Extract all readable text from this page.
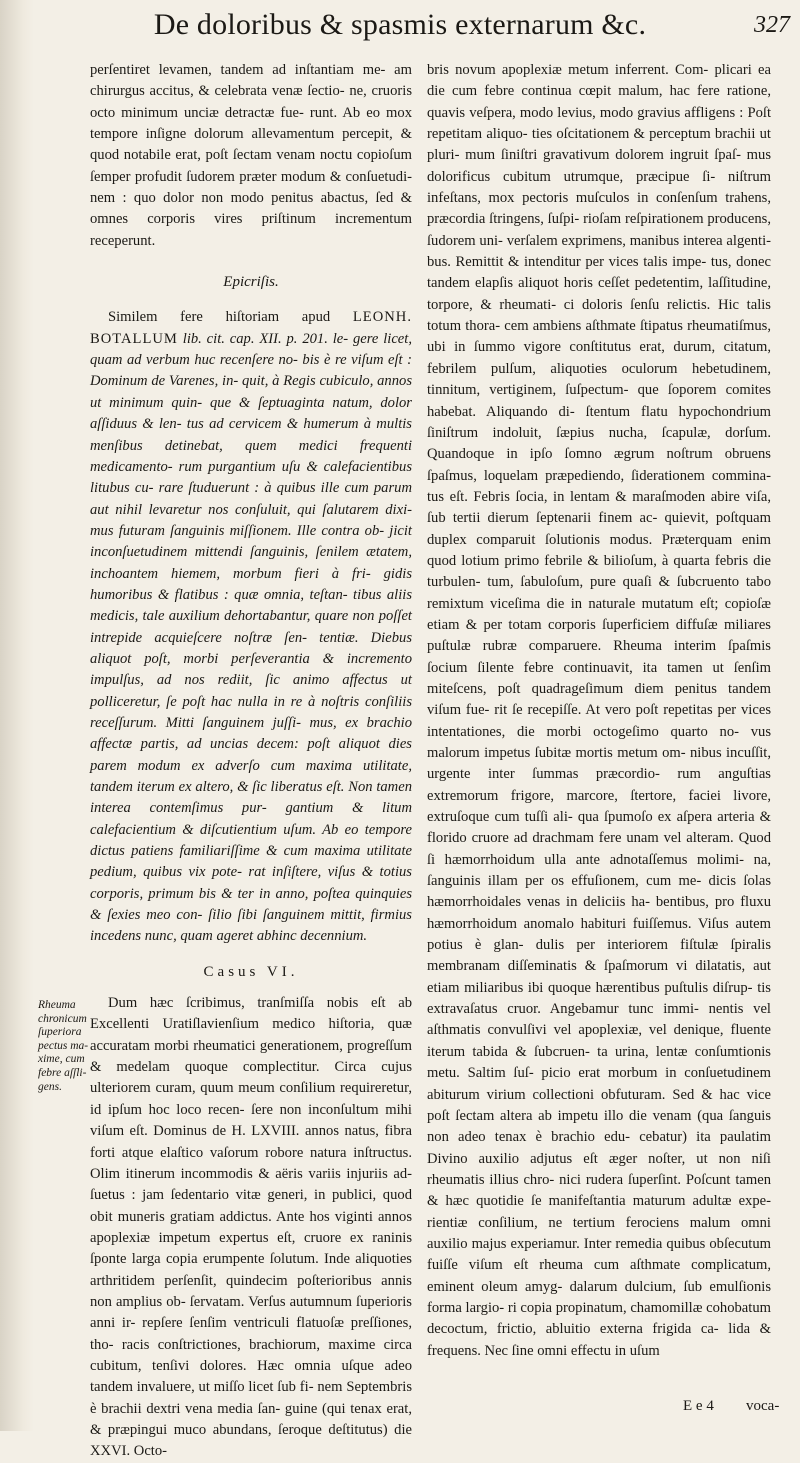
De doloribus & spasmis externarum &c.	327

perſentiret levamen, tandem ad inſtantiam me- am chirurgus accitus, & celebrata venæ ſectio- ne, cruoris octo minimum unciæ detractæ fue- runt. Ab eo mox tempore inſigne dolorum allevamentum percepit, & quod notabile erat, poſt ſectam venam noctu copioſum ſemper profudit ſudorem præter modum & conſuetudi- nem : quo dolor non modo penitus abactus, ſed & omnes corporis vires priſtinum incrementum receperunt.

Epicriſis.

Similem fere hiſtoriam apud LEONH. BOTALLUM lib. cit. cap. XII. p. 201. le- gere licet, quam ad verbum huc recenſere no- bis è re viſum eſt : Dominum de Varenes, in- quit, à Regis cubiculo, annos ut minimum quin- que & ſeptuaginta natum, dolor aſſiduus & len- tus ad cervicem & humerum à multis menſibus detinebat, quem medici frequenti medicamento- rum purgantium uſu & calefacientibus litubus cu- rare ſtuduerunt : à quibus ille cum parum aut nihil levaretur nos conſuluit, qui ſalutarem dixi- mus futuram ſanguinis miſſionem. Ille contra ob- jicit inconſuetudinem mittendi ſanguinis, ſenilem ætatem, inchoantem hiemem, morbum fieri à fri- gidis humoribus & flatibus : quæ omnia, teſtan- tibus aliis medicis, tale auxilium dehortabantur, quare non poſſet intrepide acquieſcere noſtræ ſen- tentiæ. Diebus aliquot poſt, morbi perſeverantia & incremento impulſus, ad nos rediit, ſic animo affectus ut polliceretur, ſe poſt hac nulla in re à noſtris conſiliis receſſurum. Mitti ſanguinem juſſi- mus, ex brachio affectæ partis, ad uncias decem: poſt aliquot dies parem modum ex adverſo cum maxima utilitate, tandem iterum ex altero, & ſic liberatus eſt. Non tamen interea contemſimus pur- gantium & litum calefacientium & diſcutientium uſum. Ab eo tempore dictus patiens familiariſſime & cum maxima utilitate pedium, quibus vix pote- rat inſiſtere, viſus & totius corporis, primum bis & ter in anno, poſtea quinquies & ſexies meo con- ſilio ſibi ſanguinem mittit, firmius incedens nunc, quam ageret abhinc decennium.

Casus VI.

Dum hæc ſcribimus, tranſmiſſa nobis eſt ab Excellenti Uratiſlavienſium medico hiſtoria, quæ accuratam morbi rheumatici generationem, progreſſum & medelam quoque complectitur. Circa cujus ulteriorem curam, quum meum conſilium requireretur, id ipſum hoc loco recen- ſere non inconſultum mihi viſum eſt. Dominus de H. LXVIII. annos natus, fibra forti atque elaſtico vaſorum robore natura inſtructus. Olim itinerum incommodis & aëris variis injuriis ad- ſuetus : jam ſedentario vitæ generi, in publici, quod obit muneris gratiam addictus. Ante hos viginti annos apoplexiæ impetum expertus eſt, cruore ex raninis ſponte larga copia erumpente ſolutum. Inde aliquoties arthritidem perſenſit, quindecim poſterioribus annis non amplius ob- ſervatam. Verſus autumnum ſuperioris anni ir- repſere ſenſim ventriculi flatuoſæ preſſiones, tho- racis conſtrictiones, brachiorum, maxime circa cubitum, tenſivi dolores. Hæc omnia uſque adeo tandem invaluere, ut miſſo licet ſub fi- nem Septembris è brachii dextri vena media ſan- guine (qui tenax erat, & præpingui muco abundans, ſeroque deſtitutus) die XXVI. Octo-

Rheuma
chronicum
ſuperiora
pectus ma-
xime, cum
febre aſſli-
gens.

bris novum apoplexiæ metum inferrent. Com- plicari ea die cum febre continua cœpit malum, hac fere ratione, quavis veſpera, modo levius, modo gravius affligens : Poſt repetitam aliquo- ties oſcitationem & perceptum brachii ut pluri- mum ſiniſtri gravativum dolorem ingruit ſpaſ- mus dolorificus cubitum utrumque, præcipue ſi- niſtrum infeſtans, mox pectoris muſculos in conſenſum trahens, præcordia ſtringens, ſuſpi- rioſam reſpirationem producens, ſudorem uni- verſalem exprimens, manibus interea algenti- bus. Remittit & intenditur per vices talis impe- tus, donec tandem elapſis aliquot horis ceſſet pedetentim, laſſitudine, torpore, & rheumati- ci doloris ſenſu relictis. Hic talis totum thora- cem ambiens aſthmate ſtipatus rheumatiſmus, ubi in ſummo vigore conſtitutus erat, durum, citatum, febrilem pulſum, aliquoties oculorum hebetudinem, tinnitum, vertiginem, ſuſpectum- que ſoporem comites habebat. Aliquando di- ſtentum flatu hypochondrium ſiniſtrum indoluit, ſæpius nucha, ſcapulæ, dorſum. Quandoque in ipſo ſomno ægrum noſtrum obruens ſpaſmus, loquelam præpediendo, ſiderationem commina- tus eſt. Febris ſocia, in lentam & maraſmoden abire viſa, ſub tertii dierum ſeptenarii finem ac- quievit, poſtquam duplex comparuit ſolutionis modus. Præterquam enim quod lotium primo febrile & bilioſum, à quarta febris die turbulen- tum, ſabuloſum, pure quaſi & ſubcruento tabo remixtum viceſima die in naturale mutatum eſt; copioſæ etiam & per totam corporis ſuperficiem diffuſæ miliares puſtulæ rubræ comparuere. Rheuma interim ſpaſmis ſocium ſilente febre continuavit, ita tamen ut ſenſim miteſcens, poſt quadrageſimum diem penitus tandem viſum fue- rit ſe recepiſſe. At vero poſt repetitas per vices intentationes, die morbi octogeſimo quarto no- vus malorum impetus ſubitæ mortis metum om- nibus incuſſit, urgente inter ſummas præcordio- rum anguſtias extremorum frigore, marcore, ſtertore, faciei livore, extruſoque cum tuſſi ali- qua ſpumoſo ex aſpera arteria & florido cruore ad drachmam fere unam vel alteram. Quod ſi hæmorrhoidum ulla ante adnotaſſemus molimi- na, ſanguinis illam per os effuſionem, cum me- dicis ſolas hæmorrhoidales venas in deliciis ha- bentibus, pro fluxu hæmorrhoidum anomalo habituri fuiſſemus. Viſus autem potius è glan- dulis per interiorem fiſtulæ ſpiralis membranam diſſeminatis & ſpaſmorum vi dilatatis, aut etiam miliaribus ibi quoque hærentibus puſtulis diſrup- tis extravaſatus cruor. Angebamur tunc immi- nentis vel aſthmatis convulſivi vel apoplexiæ, vel denique, fluente iterum tabida & ſubcruen- ta urina, lentæ conſumtionis metu. Saltim ſuſ- picio erat morbum in conſuetudinem abiturum virium collectioni obfuturam. Sed & hac vice poſt ſectam altera ab impetu illo die venam (qua ſanguis non adeo tenax è brachio edu- cebatur) ita paulatim Divino auxilio adjutus eſt æger noſter, ut non niſi rheumatis illius chro- nici rudera ſuperſint. Poſcunt tamen & hæc quotidie ſe manifeſtantia maturum adultæ expe- rientiæ conſilium, ne tertium ferociens malum omni auxilio majus experiamur. Inter remedia quibus obſecutum fuiſſe viſum eſt rheuma cum aſthmate complicatum, eminent oleum amyg- dalarum dulcium, ſub emulſionis forma largio- ri copia propinatum, chamomillæ cohobatum decoctum, frictio, abluitio externa frigida ca- lida & frequens. Nec ſine omni effectu in uſum

E e 4 voca-
